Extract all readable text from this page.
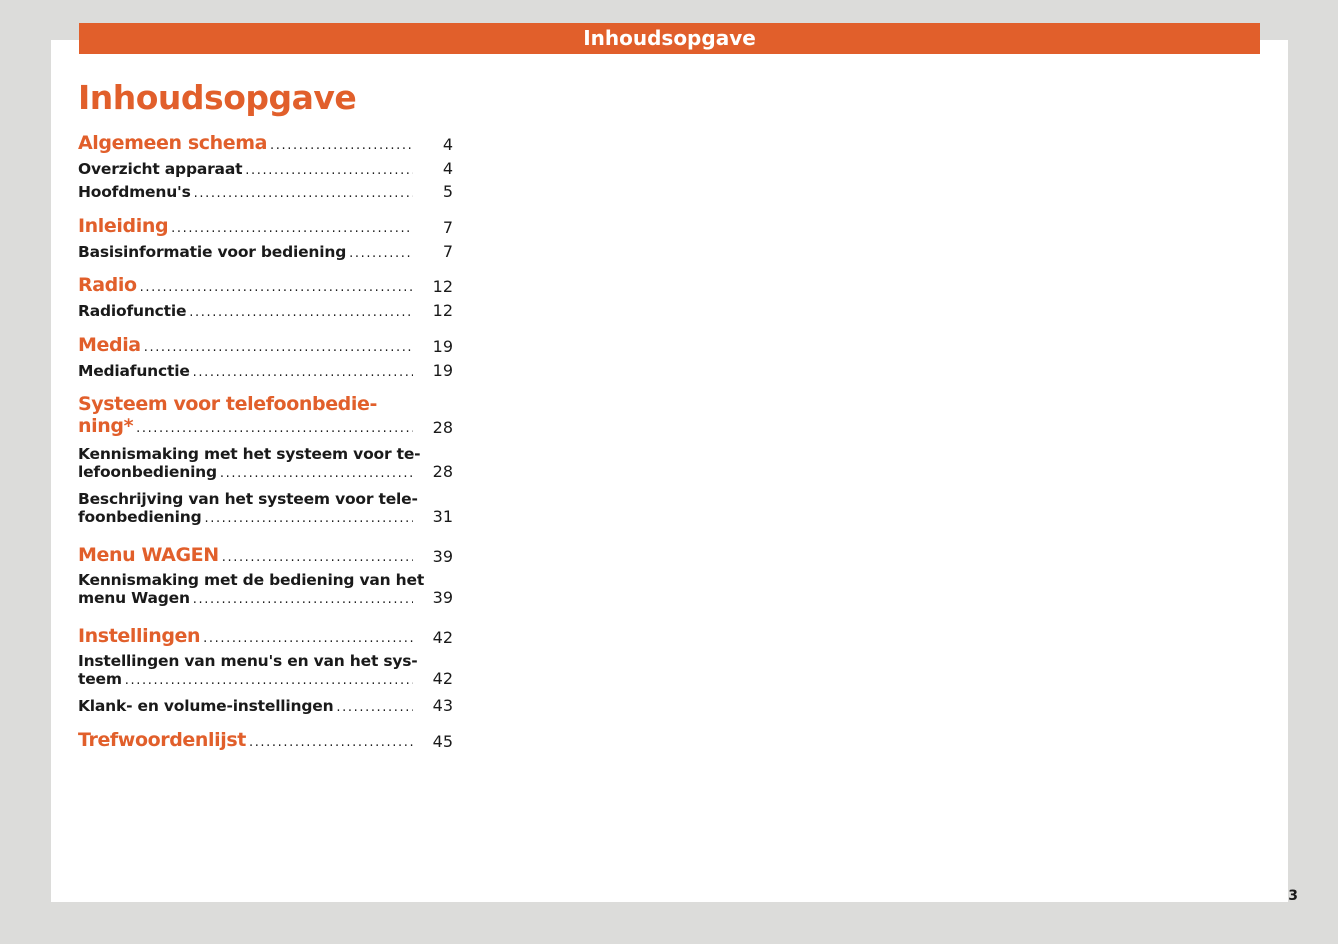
Inhoudsopgave
Inhoudsopgave
Algemeen schema .....	4
Overzicht apparaat .....	4
Hoofdmenu's .....	5
Inleiding .....	7
Basisinformatie voor bediening .....	7
Radio .....	12
Radiofunctie .....	12
Media .....	19
Mediafunctie .....	19
Systeem voor telefoonbedie-
ning* .....	28
Kennismaking met het systeem voor te-
lefoonbediening .....	28
Beschrijving van het systeem voor tele-
foonbediening .....	31
Menu WAGEN .....	39
Kennismaking met de bediening van het
menu Wagen .....	39
Instellingen .....	42
Instellingen van menu's en van het sys-
teem .....	42
Klank- en volume-instellingen .....	43
Trefwoordenlijst .....	45
3
